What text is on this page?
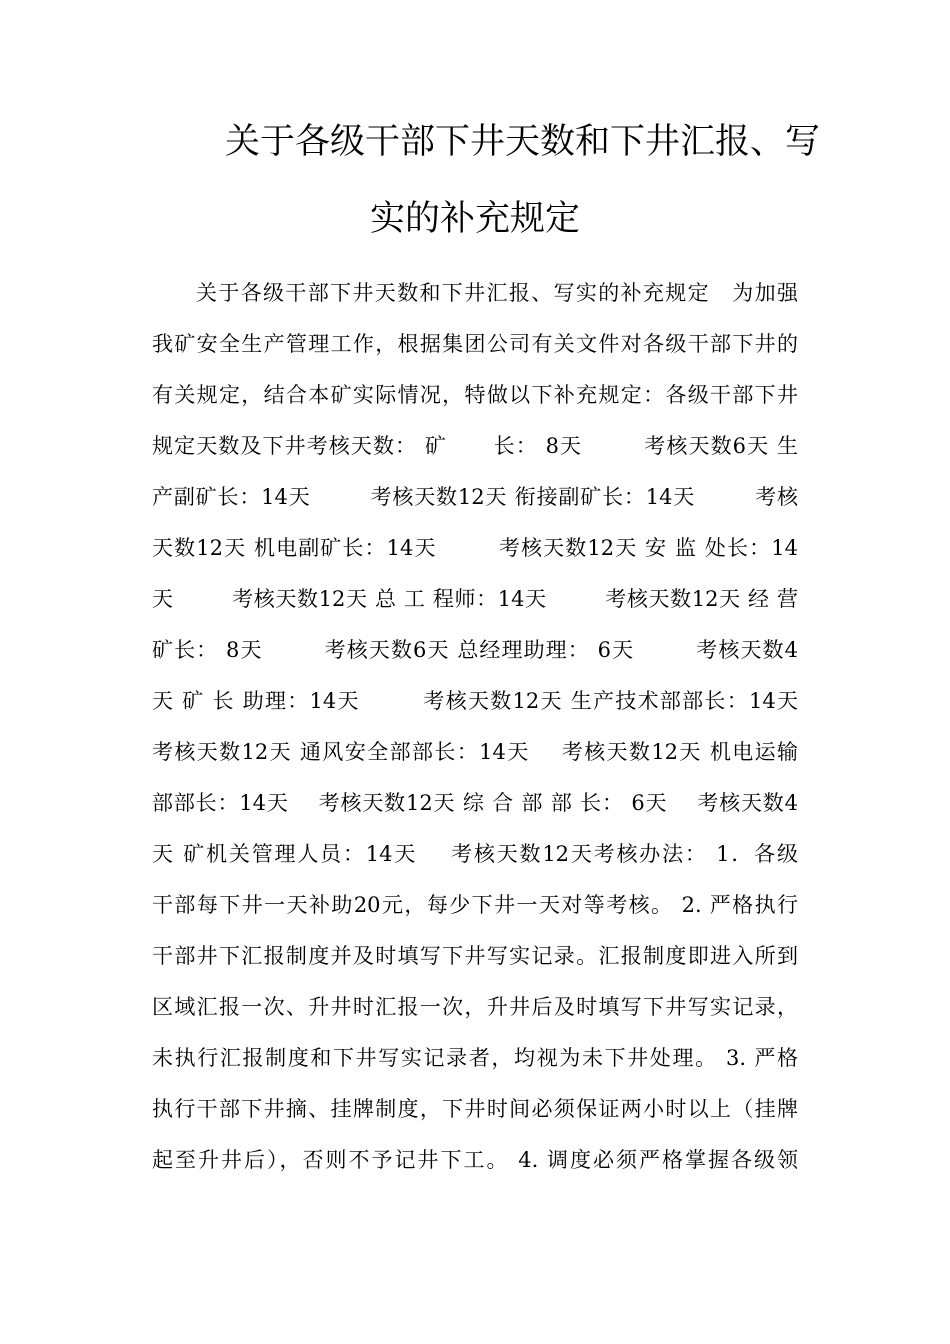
关于各级干部下井天数和下井汇报、写
实的补充规定
关于各级干部下井天数和下井汇报、写实的补充规定　为加强
我矿安全生产管理工作，根据集团公司有关文件对各级干部下井的
有关规定，结合本矿实际情况，特做以下补充规定：各级干部下井
规定天数及下井考核天数： 矿      长： 8天        考核天数6天 生
产副矿长：14天        考核天数12天 衔接副矿长：14天        考核
天数12天 机电副矿长：14天        考核天数12天 安 监 处长：14
天        考核天数12天 总 工 程师：14天        考核天数12天 经 营
矿长： 8天        考核天数6天 总经理助理： 6天        考核天数4
天 矿 长 助理：14天        考核天数12天 生产技术部部长：14天
考核天数12天 通风安全部部长：14天    考核天数12天 机电运输
部部长：14天    考核天数12天 综 合 部 部 长： 6天    考核天数4
天 矿机关管理人员：14天    考核天数12天考核办法： 1．各级
干部每下井一天补助20元，每少下井一天对等考核。 2. 严格执行
干部井下汇报制度并及时填写下井写实记录。汇报制度即进入所到
区域汇报一次、升井时汇报一次，升井后及时填写下井写实记录，
未执行汇报制度和下井写实记录者，均视为未下井处理。 3. 严格
执行干部下井摘、挂牌制度，下井时间必须保证两小时以上（挂牌
起至升井后），否则不予记井下工。 4. 调度必须严格掌握各级领
